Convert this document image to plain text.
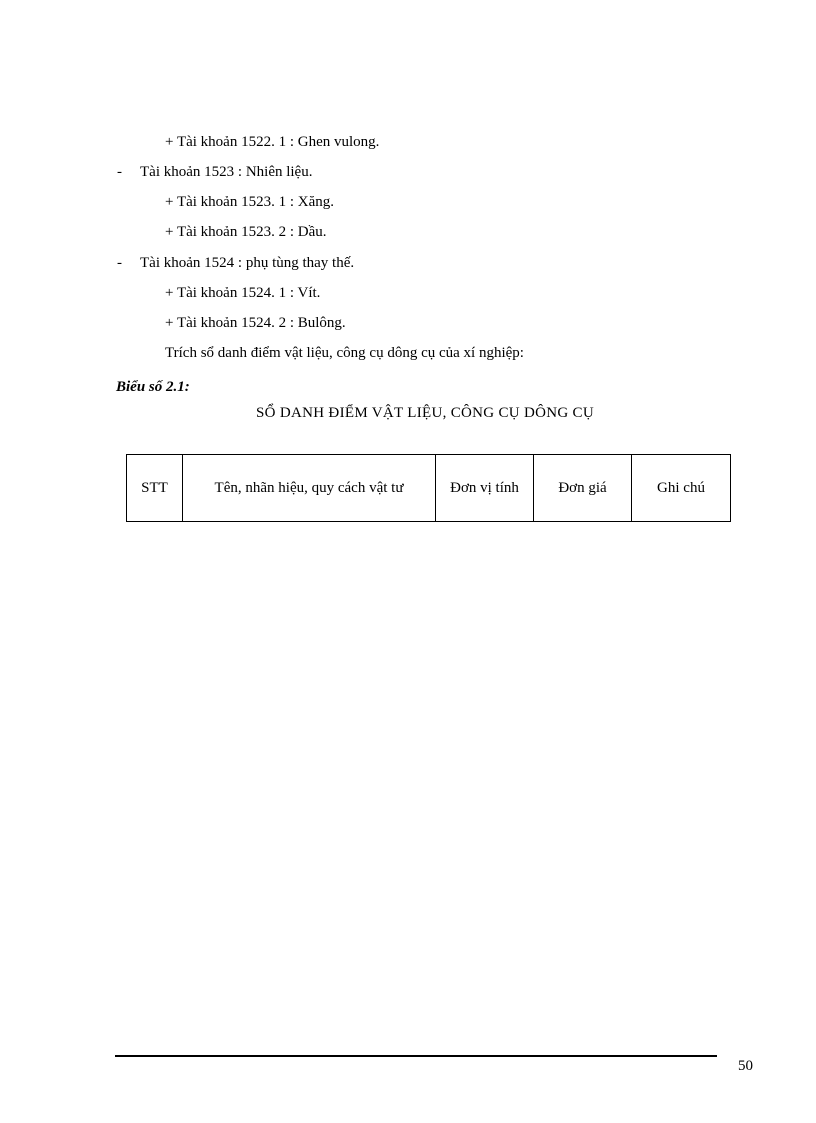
+ Tài khoản 1522. 1 : Ghen vulong.
- Tài khoản 1523 : Nhiên liệu.
+ Tài khoản 1523. 1 : Xăng.
+ Tài khoản 1523. 2 : Dầu.
- Tài khoản 1524 : phụ tùng thay thế.
+ Tài khoản 1524. 1 : Vít.
+ Tài khoản 1524. 2 : Bulông.
Trích sổ danh điểm vật liệu, công cụ dông cụ của xí nghiệp:
Biểu số 2.1:
SỔ DANH ĐIỂM VẬT LIỆU, CÔNG CỤ DÔNG CỤ
STT	Tên, nhãn hiệu, quy cách vật tư	Đơn vị tính	Đơn giá	Ghi chú
50
